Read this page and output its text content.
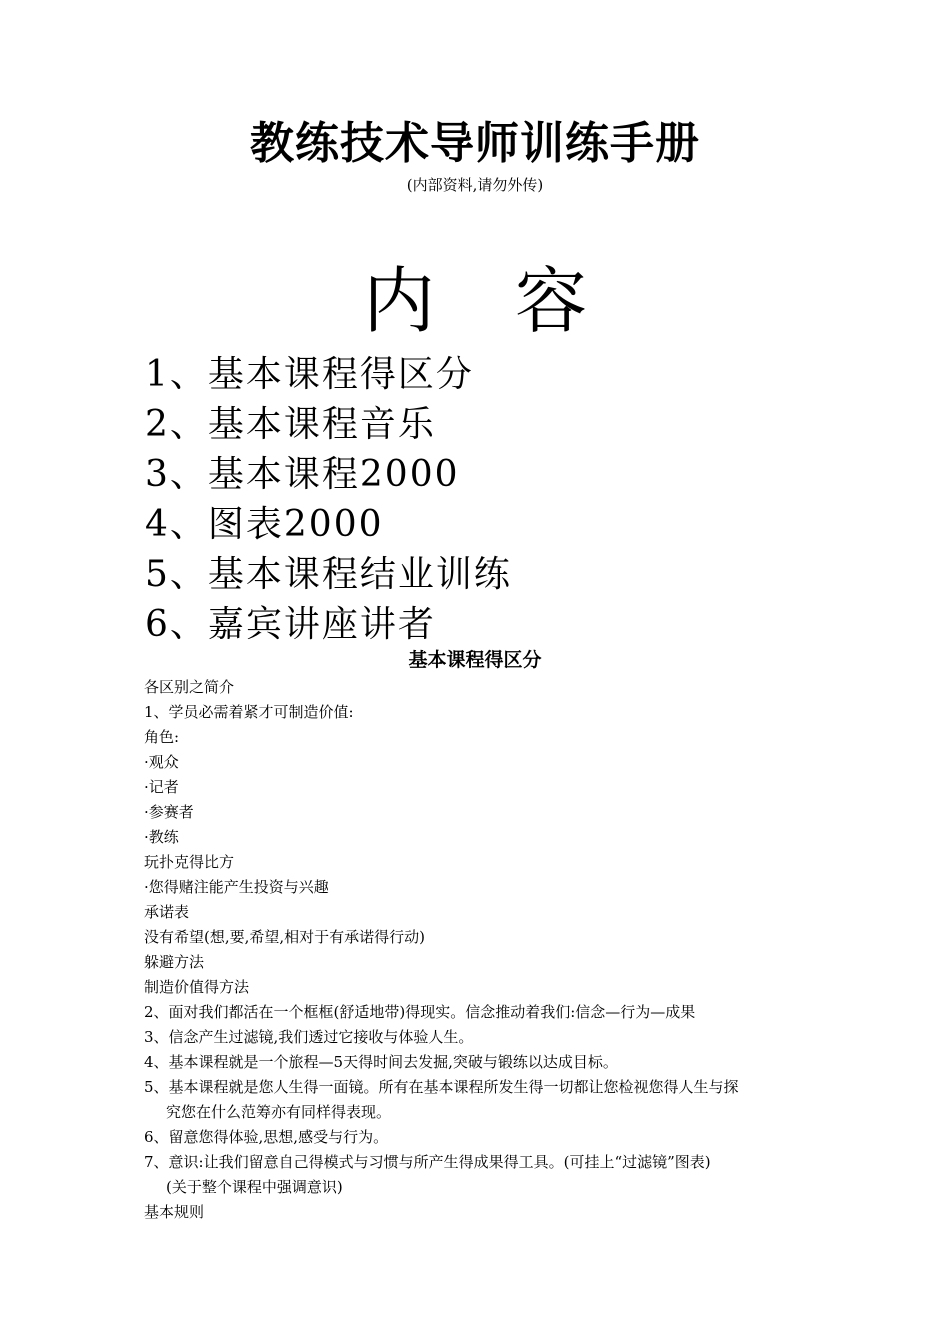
教练技术导师训练手册
(内部资料,请勿外传)
内 容
1、基本课程得区分
2、基本课程音乐
3、基本课程2000
4、图表2000
5、基本课程结业训练
6、嘉宾讲座讲者
基本课程得区分
各区别之简介
1、学员必需着紧才可制造价值:
角色:
·观众
·记者
·参赛者
·教练
玩扑克得比方
·您得赌注能产生投资与兴趣
承诺表
没有希望(想,要,希望,相对于有承诺得行动)
躲避方法
制造价值得方法
2、面对我们都活在一个框框(舒适地带)得现实。信念推动着我们:信念—行为—成果
3、信念产生过滤镜,我们透过它接收与体验人生。
4、基本课程就是一个旅程—5天得时间去发掘,突破与锻练以达成目标。
5、基本课程就是您人生得一面镜。所有在基本课程所发生得一切都让您检视您得人生与探
究您在什么范筹亦有同样得表现。
6、留意您得体验,思想,感受与行为。
7、意识:让我们留意自己得模式与习惯与所产生得成果得工具。(可挂上“过滤镜”图表)
(关于整个课程中强调意识)
基本规则
